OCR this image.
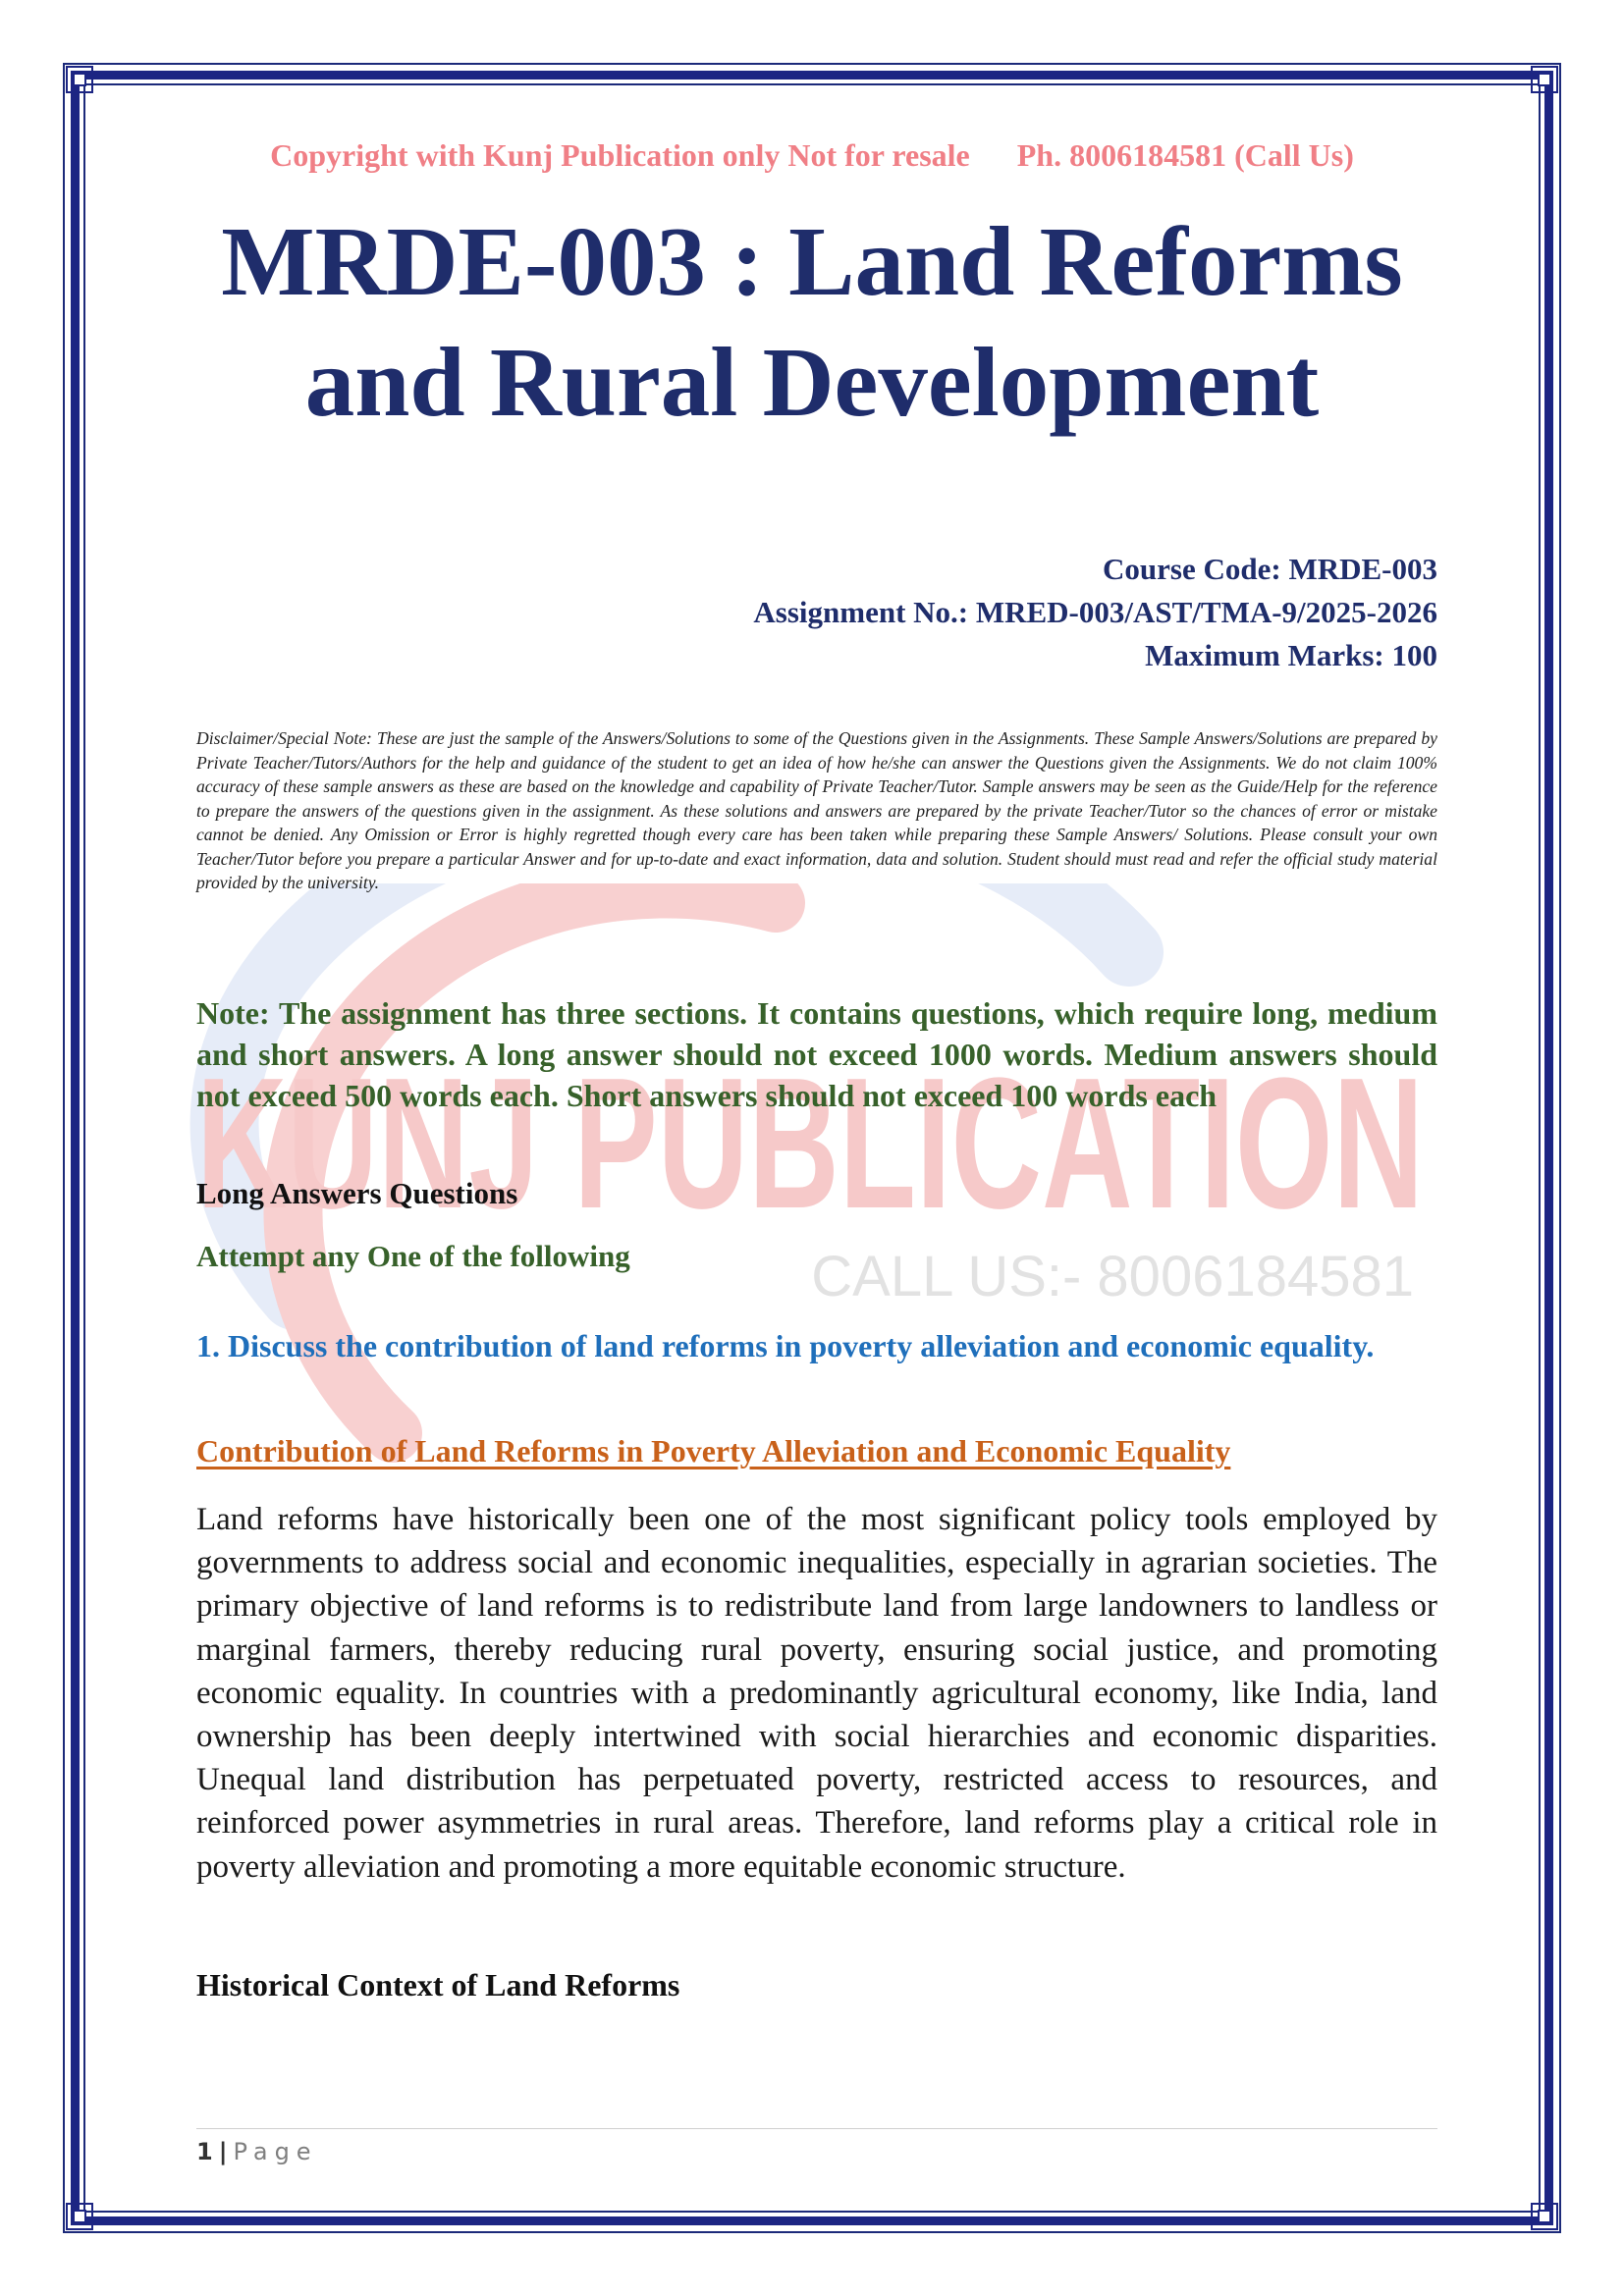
KUNJ PUBLICATION
CALL US:- 8006184581
Copyright with Kunj Publication only Not for resale Ph. 8006184581 (Call Us)
MRDE-003 : Land Reforms
and Rural Development
Course Code: MRDE-003
Assignment No.: MRED-003/AST/TMA-9/2025-2026
Maximum Marks: 100

Disclaimer/Special Note: These are just the sample of the Answers/Solutions to some of the Questions given in the Assignments. These Sample Answers/Solutions are prepared by Private Teacher/Tutors/Authors for the help and guidance of the student to get an idea of how he/she can answer the Questions given the Assignments. We do not claim 100% accuracy of these sample answers as these are based on the knowledge and capability of Private Teacher/Tutor. Sample answers may be seen as the Guide/Help for the reference to prepare the answers of the questions given in the assignment. As these solutions and answers are prepared by the private Teacher/Tutor so the chances of error or mistake cannot be denied. Any Omission or Error is highly regretted though every care has been taken while preparing these Sample Answers/ Solutions. Please consult your own Teacher/Tutor before you prepare a particular Answer and for up-to-date and exact information, data and solution. Student should must read and refer the official study material provided by the university.

Note: The assignment has three sections. It contains questions, which require long, medium and short answers. A long answer should not exceed 1000 words. Medium answers should not exceed 500 words each. Short answers should not exceed 100 words each

Long Answers Questions

Attempt any One of the following

1. Discuss the contribution of land reforms in poverty alleviation and economic equality.

Contribution of Land Reforms in Poverty Alleviation and Economic Equality

Land reforms have historically been one of the most significant policy tools employed by governments to address social and economic inequalities, especially in agrarian societies. The primary objective of land reforms is to redistribute land from large landowners to landless or marginal farmers, thereby reducing rural poverty, ensuring social justice, and promoting economic equality. In countries with a predominantly agricultural economy, like India, land ownership has been deeply intertwined with social hierarchies and economic disparities. Unequal land distribution has perpetuated poverty, restricted access to resources, and reinforced power asymmetries in rural areas. Therefore, land reforms play a critical role in poverty alleviation and promoting a more equitable economic structure.

Historical Context of Land Reforms

1 | Page
